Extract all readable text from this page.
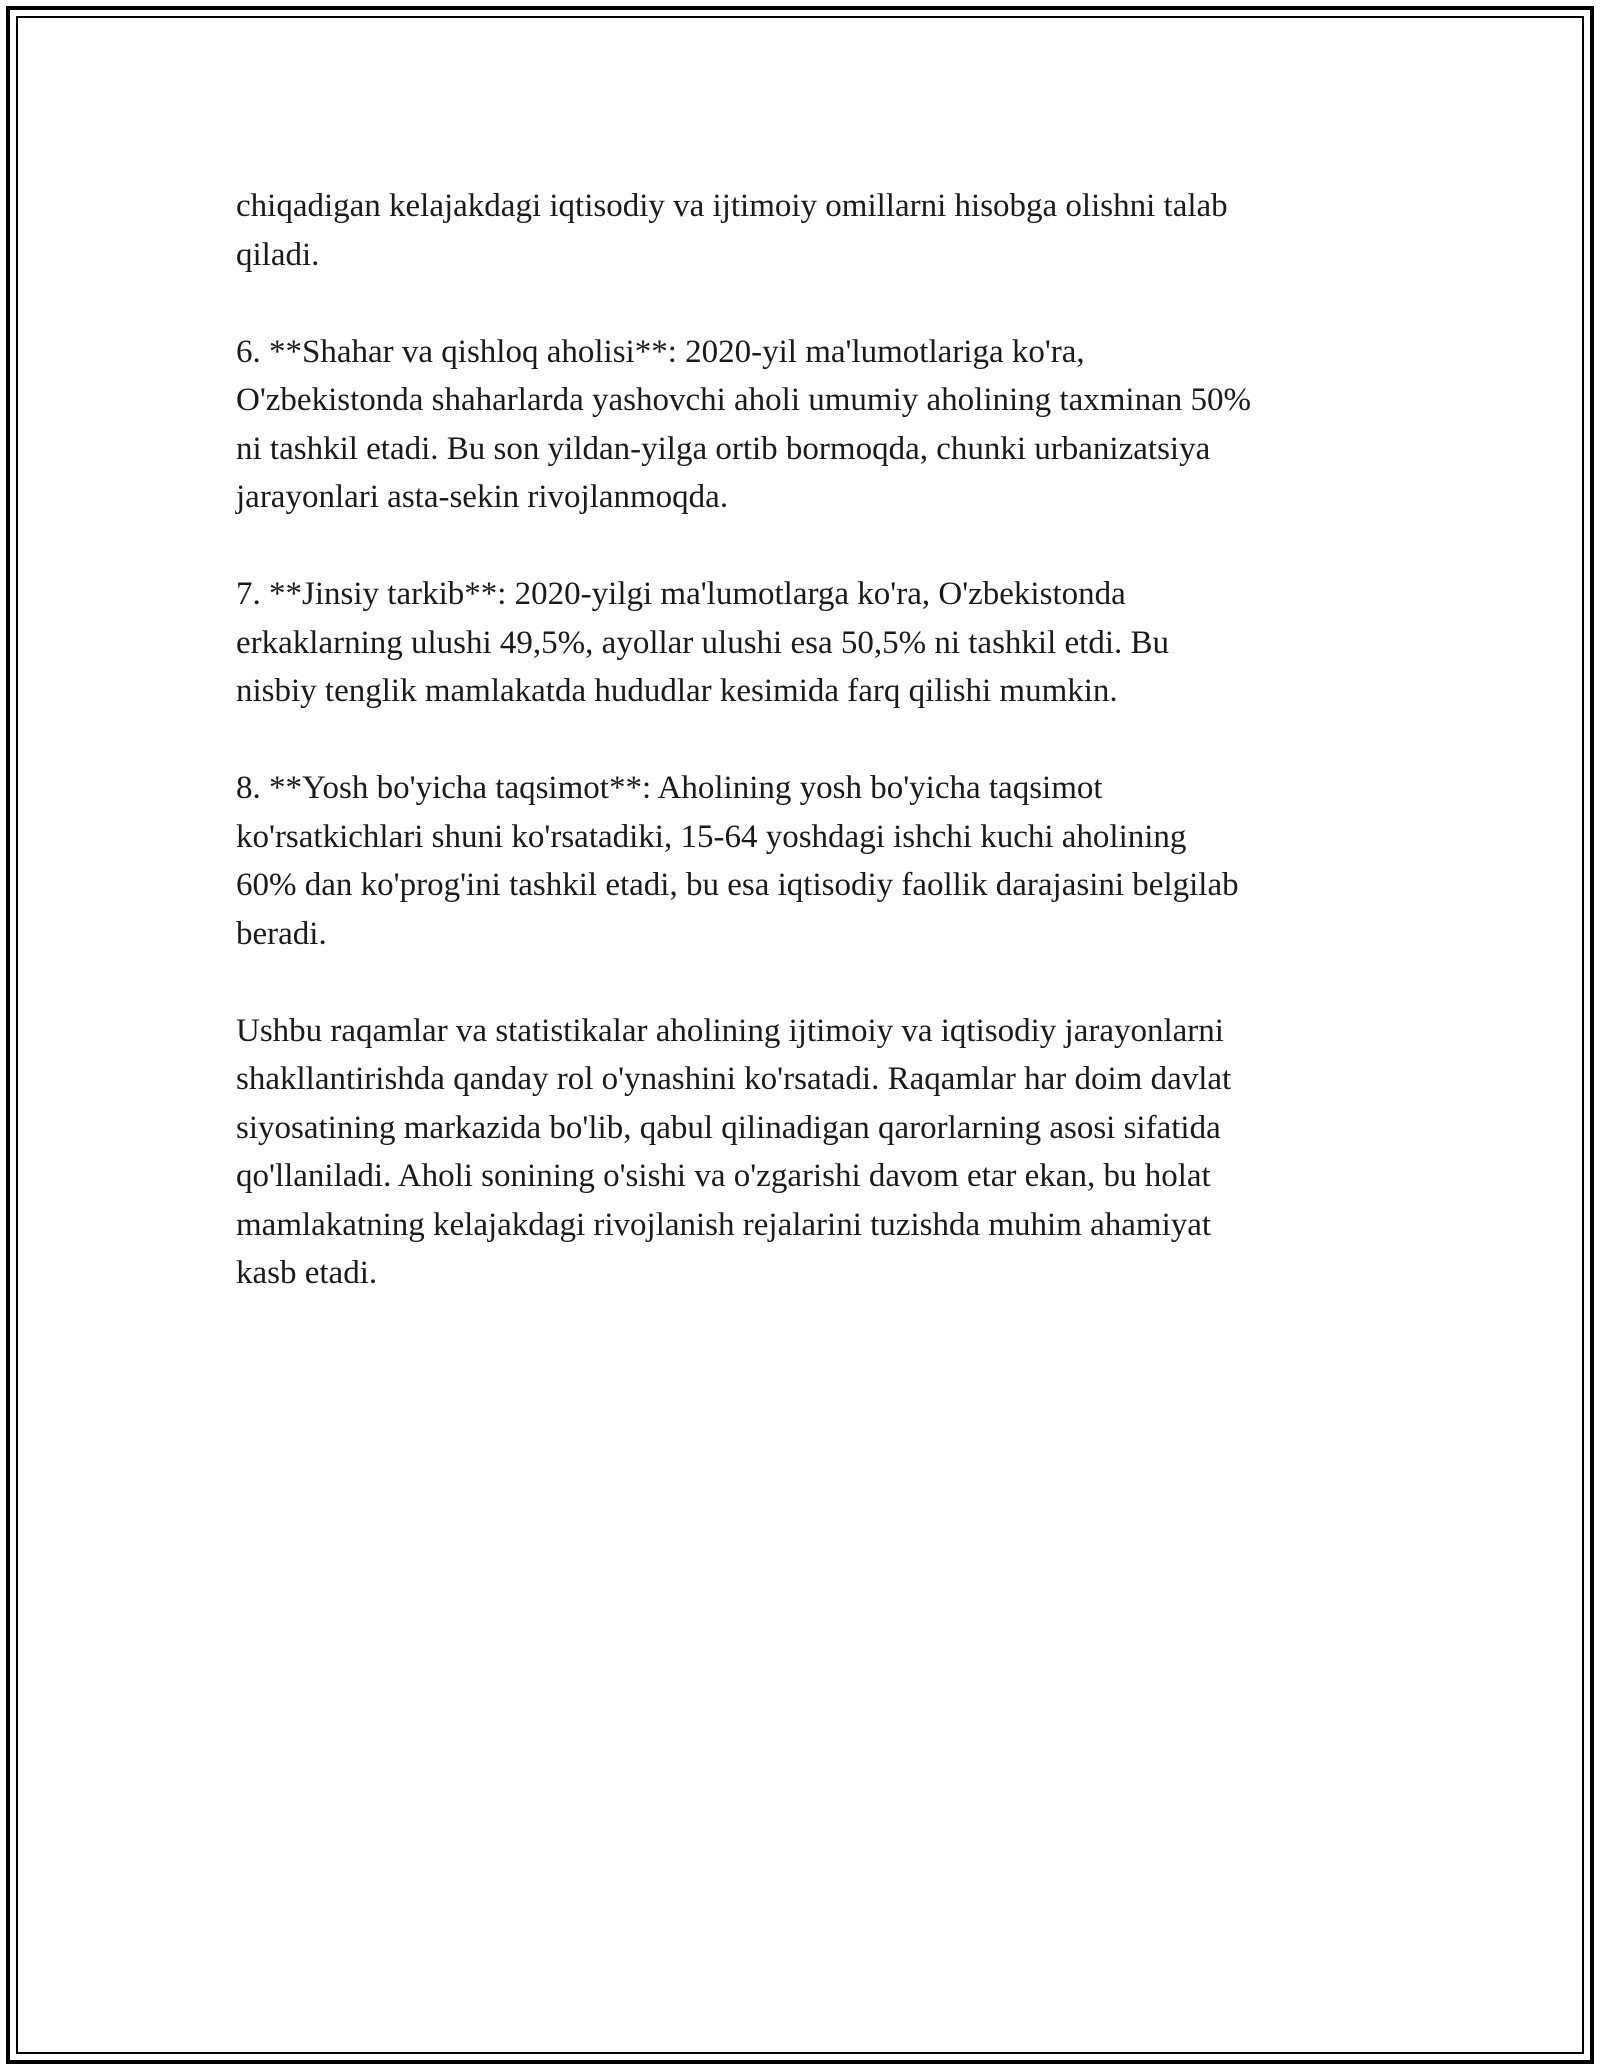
chiqadigan kelajakdagi iqtisodiy va ijtimoiy omillarni hisobga olishni talab
qiladi.

6. **Shahar va qishloq aholisi**: 2020-yil ma'lumotlariga ko'ra,
O'zbekistonda shaharlarda yashovchi aholi umumiy aholining taxminan 50%
ni tashkil etadi. Bu son yildan-yilga ortib bormoqda, chunki urbanizatsiya
jarayonlari asta-sekin rivojlanmoqda.

7. **Jinsiy tarkib**: 2020-yilgi ma'lumotlarga ko'ra, O'zbekistonda
erkaklarning ulushi 49,5%, ayollar ulushi esa 50,5% ni tashkil etdi. Bu
nisbiy tenglik mamlakatda hududlar kesimida farq qilishi mumkin.

8. **Yosh bo'yicha taqsimot**: Aholining yosh bo'yicha taqsimot
ko'rsatkichlari shuni ko'rsatadiki, 15-64 yoshdagi ishchi kuchi aholining
60% dan ko'prog'ini tashkil etadi, bu esa iqtisodiy faollik darajasini belgilab
beradi.

Ushbu raqamlar va statistikalar aholining ijtimoiy va iqtisodiy jarayonlarni
shakllantirishda qanday rol o'ynashini ko'rsatadi. Raqamlar har doim davlat
siyosatining markazida bo'lib, qabul qilinadigan qarorlarning asosi sifatida
qo'llaniladi. Aholi sonining o'sishi va o'zgarishi davom etar ekan, bu holat
mamlakatning kelajakdagi rivojlanish rejalarini tuzishda muhim ahamiyat
kasb etadi.
